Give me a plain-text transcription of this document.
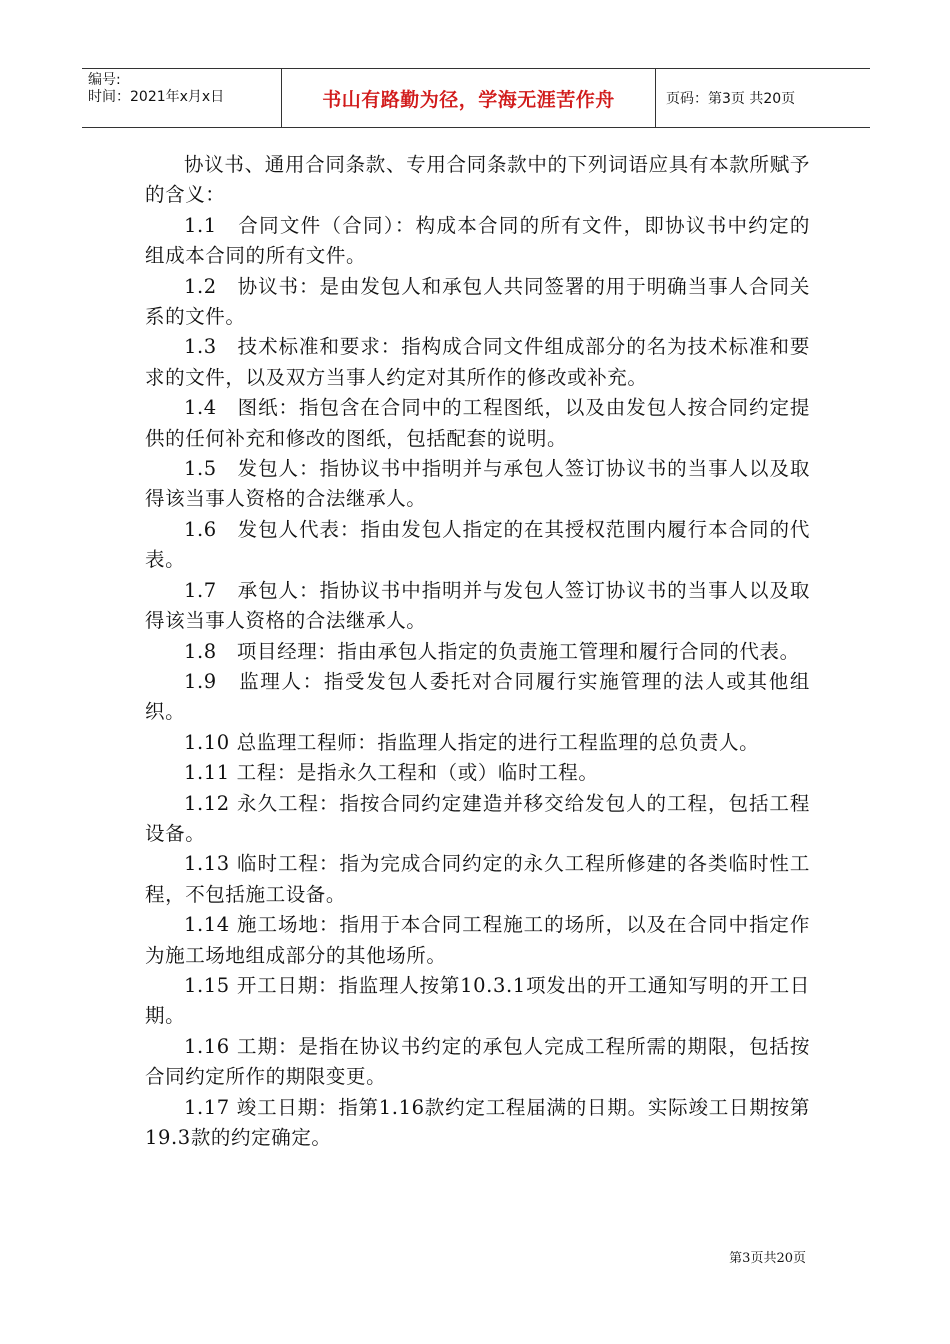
编号:
时间：2021年x月x日	书山有路勤为径，学海无涯苦作舟	页码：第3页 共20页

协议书、通用合同条款、专用合同条款中的下列词语应具有本款所赋予的含义：

1.1　合同文件（合同）：构成本合同的所有文件，即协议书中约定的组成本合同的所有文件。

1.2　协议书：是由发包人和承包人共同签署的用于明确当事人合同关系的文件。

1.3　技术标准和要求：指构成合同文件组成部分的名为技术标准和要求的文件，以及双方当事人约定对其所作的修改或补充。

1.4　图纸：指包含在合同中的工程图纸，以及由发包人按合同约定提供的任何补充和修改的图纸，包括配套的说明。

1.5　发包人：指协议书中指明并与承包人签订协议书的当事人以及取得该当事人资格的合法继承人。

1.6　发包人代表：指由发包人指定的在其授权范围内履行本合同的代表。

1.7　承包人：指协议书中指明并与发包人签订协议书的当事人以及取得该当事人资格的合法继承人。

1.8　项目经理：指由承包人指定的负责施工管理和履行合同的代表。

1.9　监理人：指受发包人委托对合同履行实施管理的法人或其他组织。

1.10 总监理工程师：指监理人指定的进行工程监理的总负责人。

1.11 工程：是指永久工程和（或）临时工程。

1.12 永久工程：指按合同约定建造并移交给发包人的工程，包括工程设备。

1.13 临时工程：指为完成合同约定的永久工程所修建的各类临时性工程，不包括施工设备。

1.14 施工场地：指用于本合同工程施工的场所，以及在合同中指定作为施工场地组成部分的其他场所。

1.15 开工日期：指监理人按第10.3.1项发出的开工通知写明的开工日期。

1.16 工期：是指在协议书约定的承包人完成工程所需的期限，包括按合同约定所作的期限变更。

1.17 竣工日期：指第1.16款约定工程届满的日期。实际竣工日期按第19.3款的约定确定。

第3页共20页
